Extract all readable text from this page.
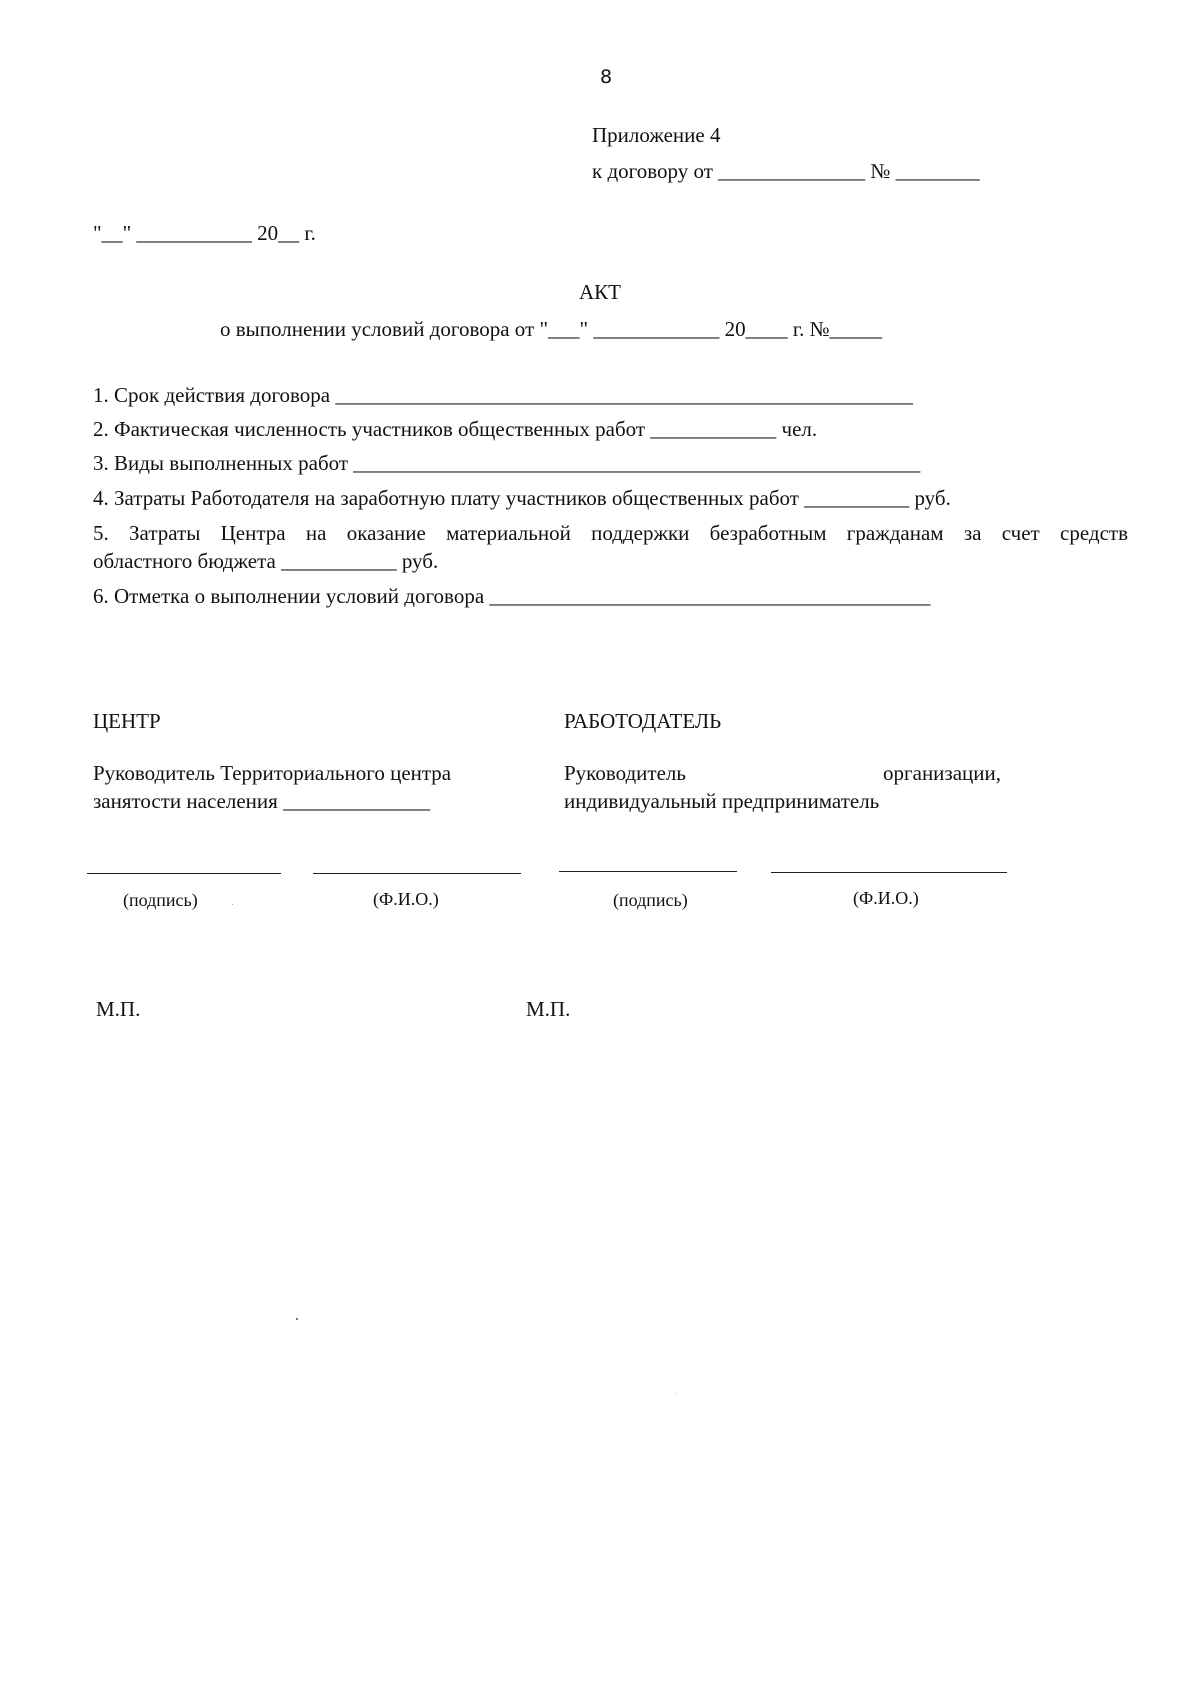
8
Приложение 4
к договору от ______________ № ________
"__" ___________ 20__ г.
АКТ
о выполнении условий договора от "___" ____________ 20____ г. №_____
1. Срок действия договора _______________________________________________________
2. Фактическая численность участников общественных работ ____________ чел.
3. Виды выполненных работ ______________________________________________________
4. Затраты Работодателя на заработную плату участников общественных работ __________ руб.
5. Затраты Центра на оказание материальной поддержки безработным гражданам за счет средств
областного бюджета ___________ руб.
6. Отметка о выполнении условий договора __________________________________________
ЦЕНТР
Руководитель Территориального центра
занятости населения ______________
(подпись)	(Ф.И.О.)
М.П.
РАБОТОДАТЕЛЬ
Руководитель организации,
индивидуальный предприниматель
(подпись)	(Ф.И.О.)
М.П.
